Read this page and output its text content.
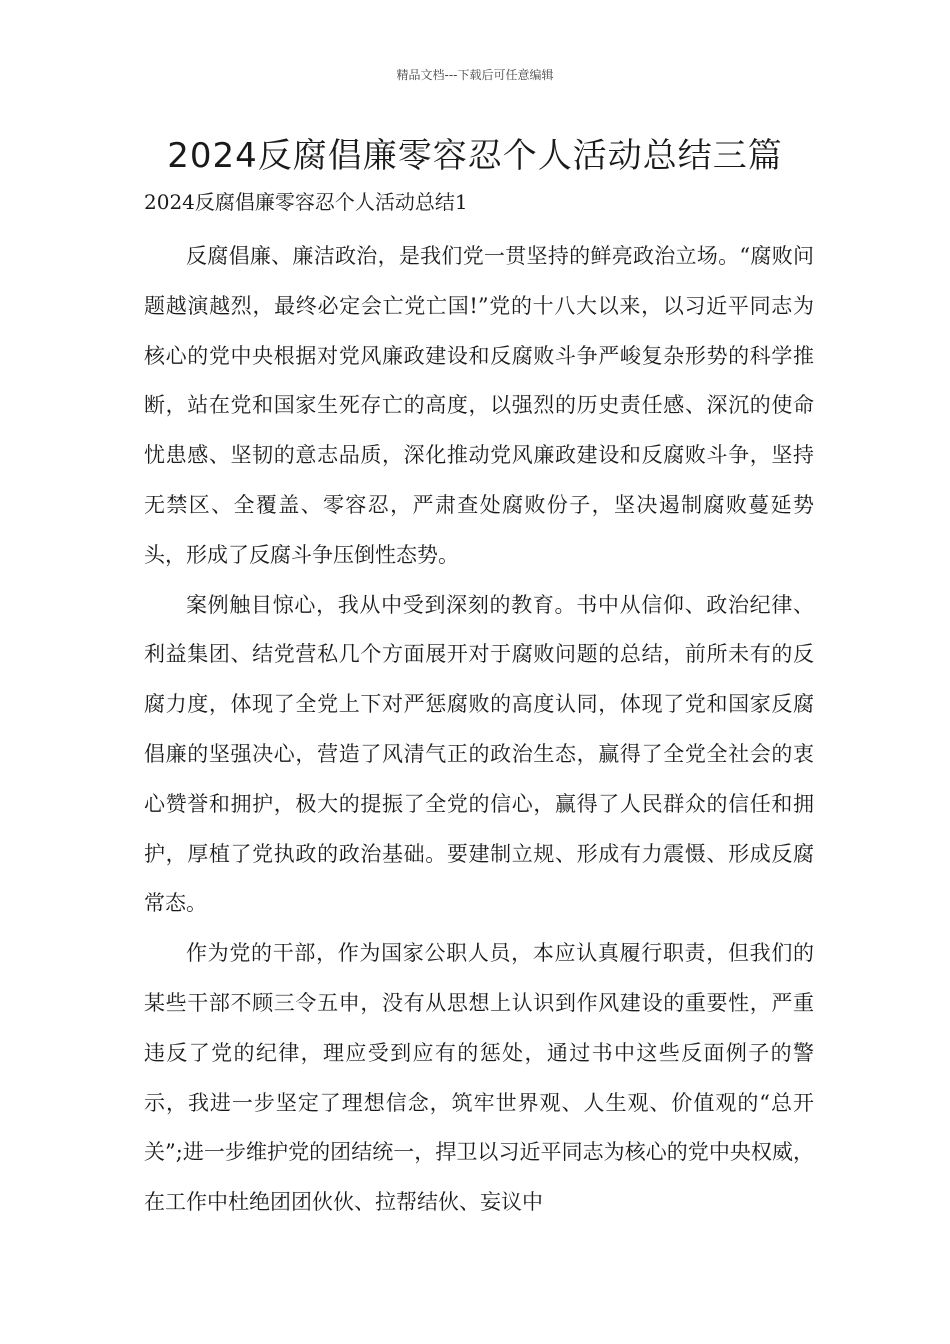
精品文档---下载后可任意编辑
2024反腐倡廉零容忍个人活动总结三篇
2024反腐倡廉零容忍个人活动总结1

反腐倡廉、廉洁政治，是我们党一贯坚持的鲜亮政治立场。“腐败问题越演越烈，最终必定会亡党亡国!”党的十八大以来，以习近平同志为核心的党中央根据对党风廉政建设和反腐败斗争严峻复杂形势的科学推断，站在党和国家生死存亡的高度，以强烈的历史责任感、深沉的使命忧患感、坚韧的意志品质，深化推动党风廉政建设和反腐败斗争，坚持无禁区、全覆盖、零容忍，严肃查处腐败份子，坚决遏制腐败蔓延势头，形成了反腐斗争压倒性态势。

案例触目惊心，我从中受到深刻的教育。书中从信仰、政治纪律、利益集团、结党营私几个方面展开对于腐败问题的总结，前所未有的反腐力度，体现了全党上下对严惩腐败的高度认同，体现了党和国家反腐倡廉的坚强决心，营造了风清气正的政治生态，赢得了全党全社会的衷心赞誉和拥护，极大的提振了全党的信心，赢得了人民群众的信任和拥护，厚植了党执政的政治基础。要建制立规、形成有力震慑、形成反腐常态。

作为党的干部，作为国家公职人员，本应认真履行职责，但我们的某些干部不顾三令五申，没有从思想上认识到作风建设的重要性，严重违反了党的纪律，理应受到应有的惩处，通过书中这些反面例子的警示，我进一步坚定了理想信念，筑牢世界观、人生观、价值观的“总开关”;进一步维护党的团结统一，捍卫以习近平同志为核心的党中央权威，在工作中杜绝团团伙伙、拉帮结伙、妄议中
